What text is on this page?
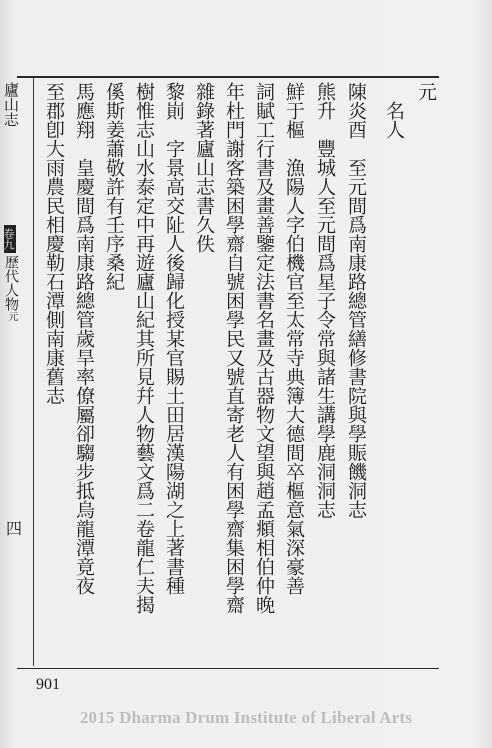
廬山志
卷九
歷代人物元
四
元
　名人
陳炎酉　至元間爲南康路總管繕修書院與學賑饑洞志
熊升　豐城人至元間爲星子令常與諸生講學鹿洞洞志
鮮于樞　漁陽人字伯機官至太常寺典簿大德間卒樞意氣深豪善
詞賦工行書及畫善鑒定法書名畫及古器物文望與趙孟頫相伯仲晚
年杜門謝客築困學齋自號困學民又號直寄老人有困學齋集困學齋
雜錄著廬山志書久佚
黎崱　字景高交阯人後歸化授某官賜土田居漢陽湖之上著書種
樹惟志山水泰定中再遊廬山紀其所見幷人物藝文爲二卷龍仁夫揭
傒斯姜蕭敬許有壬序桑紀
馬應翔　皇慶間爲南康路總管歲旱率僚屬卻騶步抵烏龍潭竟夜
至郡卽大雨農民相慶勒石潭側南康舊志
901
2015 Dharma Drum Institute of Liberal Arts
